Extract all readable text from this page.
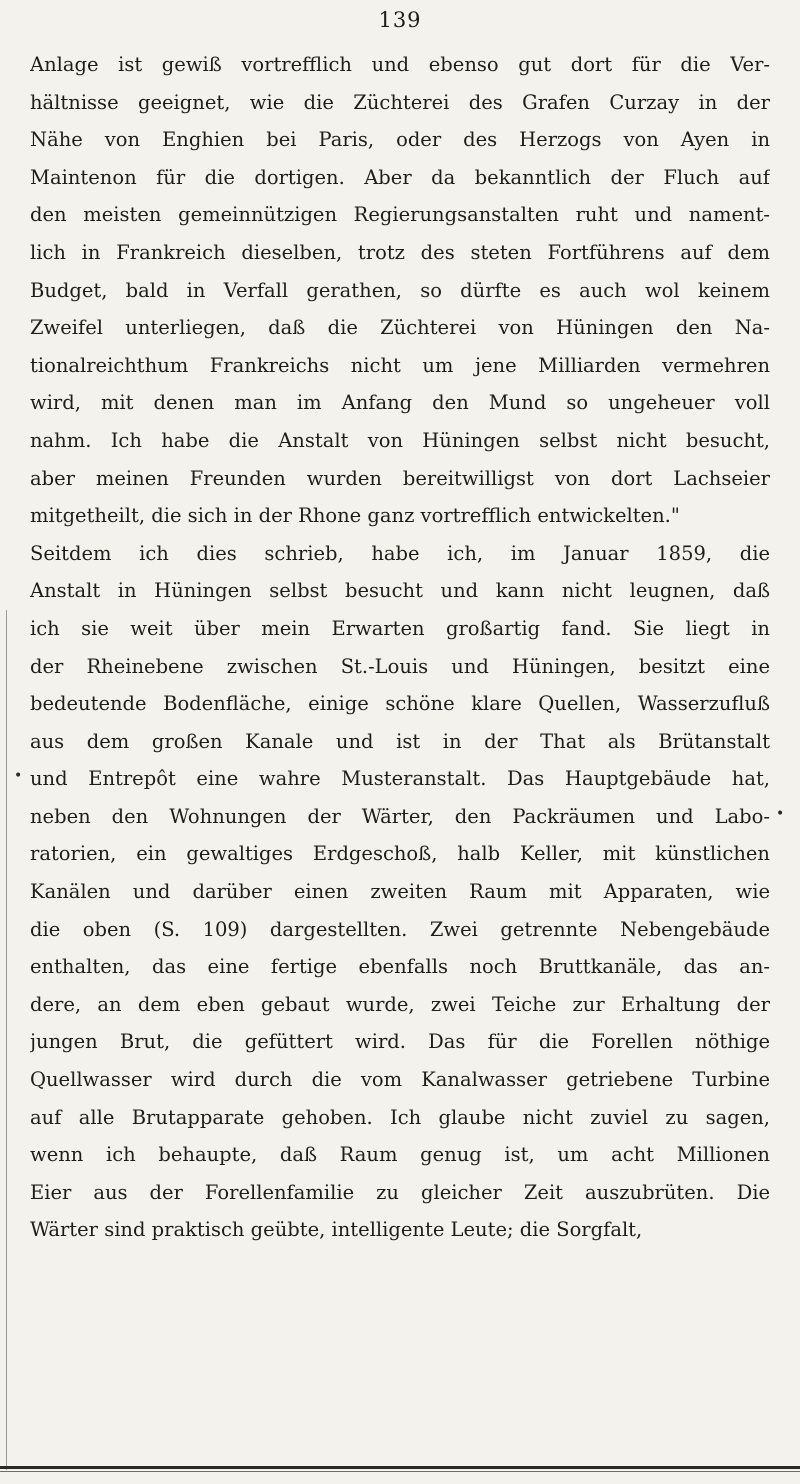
139
Anlage ist gewiß vortrefflich und ebenso gut dort für die Ver-
hältnisse geeignet, wie die Züchterei des Grafen Curzay in der
Nähe von Enghien bei Paris, oder des Herzogs von Ayen in
Maintenon für die dortigen. Aber da bekanntlich der Fluch auf
den meisten gemeinnützigen Regierungsanstalten ruht und nament-
lich in Frankreich dieselben, trotz des steten Fortführens auf dem
Budget, bald in Verfall gerathen, so dürfte es auch wol keinem
Zweifel unterliegen, daß die Züchterei von Hüningen den Na-
tionalreichthum Frankreichs nicht um jene Milliarden vermehren
wird, mit denen man im Anfang den Mund so ungeheuer voll
nahm. Ich habe die Anstalt von Hüningen selbst nicht besucht,
aber meinen Freunden wurden bereitwilligst von dort Lachseier
mitgetheilt, die sich in der Rhone ganz vortrefflich entwickelten."
Seitdem ich dies schrieb, habe ich, im Januar 1859, die
Anstalt in Hüningen selbst besucht und kann nicht leugnen, daß
ich sie weit über mein Erwarten großartig fand. Sie liegt in
der Rheinebene zwischen St.-Louis und Hüningen, besitzt eine
bedeutende Bodenfläche, einige schöne klare Quellen, Wasserzufluß
aus dem großen Kanale und ist in der That als Brütanstalt
und Entrepôt eine wahre Musteranstalt. Das Hauptgebäude hat,
neben den Wohnungen der Wärter, den Packräumen und Labo-
ratorien, ein gewaltiges Erdgeschoß, halb Keller, mit künstlichen
Kanälen und darüber einen zweiten Raum mit Apparaten, wie
die oben (S. 109) dargestellten. Zwei getrennte Nebengebäude
enthalten, das eine fertige ebenfalls noch Bruttkanäle, das an-
dere, an dem eben gebaut wurde, zwei Teiche zur Erhaltung der
jungen Brut, die gefüttert wird. Das für die Forellen nöthige
Quellwasser wird durch die vom Kanalwasser getriebene Turbine
auf alle Brutapparate gehoben. Ich glaube nicht zuviel zu sagen,
wenn ich behaupte, daß Raum genug ist, um acht Millionen
Eier aus der Forellenfamilie zu gleicher Zeit auszubrüten. Die
Wärter sind praktisch geübte, intelligente Leute; die Sorgfalt,
•
•
